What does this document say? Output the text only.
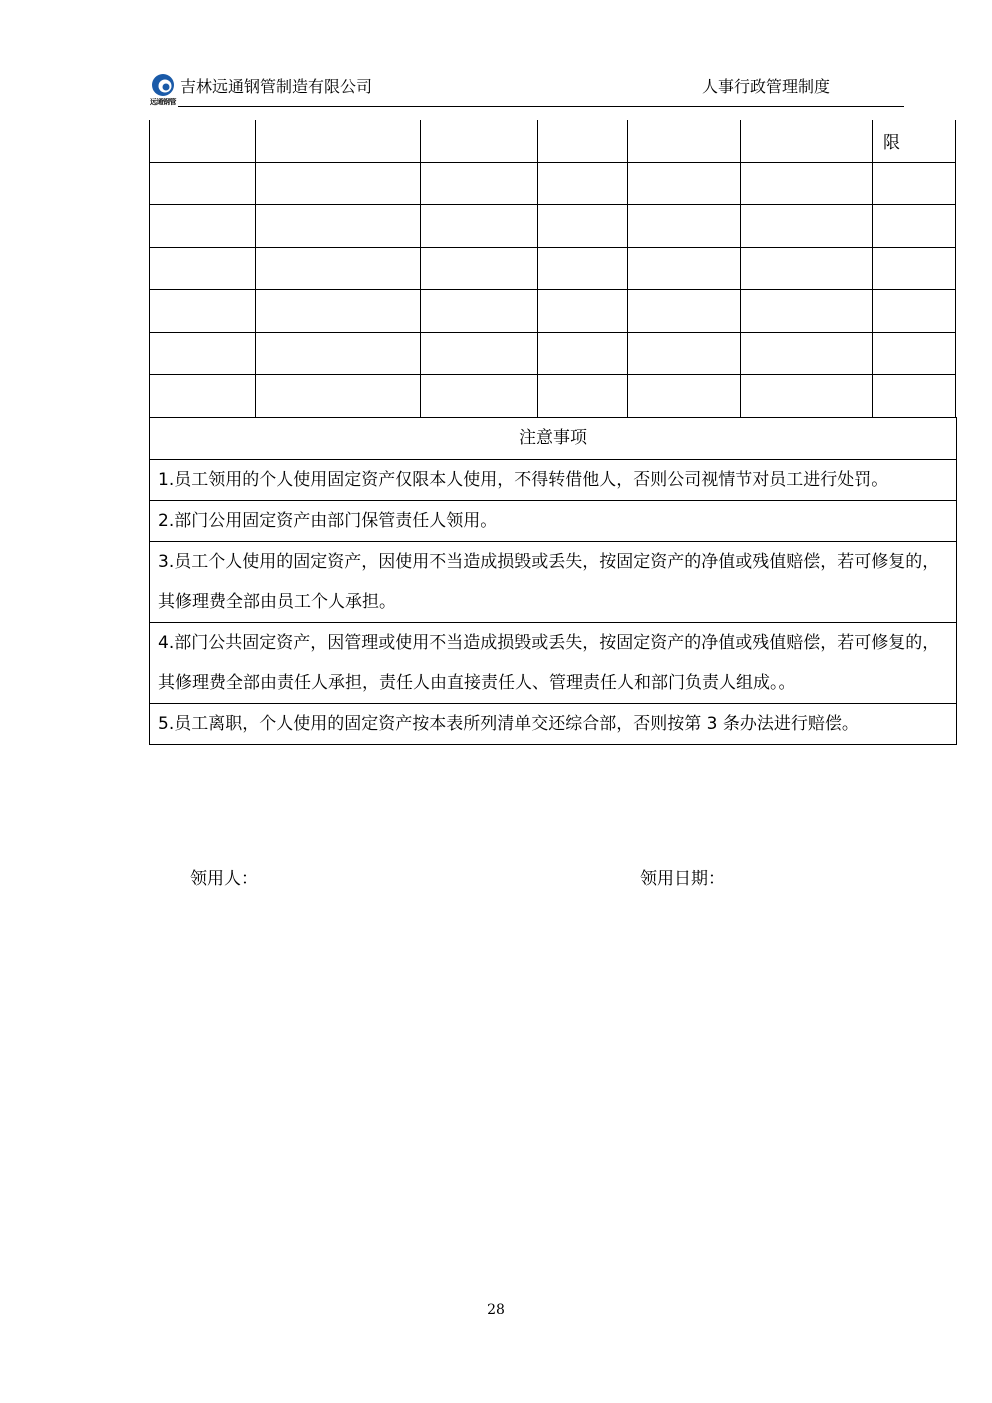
远通钢管
吉林远通钢管制造有限公司	人事行政管理制度
						限

注意事项
1.员工领用的个人使用固定资产仅限本人使用，不得转借他人，否则公司视情节对员工进行处罚。
2.部门公用固定资产由部门保管责任人领用。
3.员工个人使用的固定资产，因使用不当造成损毁或丢失，按固定资产的净值或残值赔偿，若可修复的，其修理费全部由员工个人承担。
4.部门公共固定资产，因管理或使用不当造成损毁或丢失，按固定资产的净值或残值赔偿，若可修复的，其修理费全部由责任人承担，责任人由直接责任人、管理责任人和部门负责人组成。。
5.员工离职，个人使用的固定资产按本表所列清单交还综合部，否则按第 3 条办法进行赔偿。
领用人：	领用日期：
28
